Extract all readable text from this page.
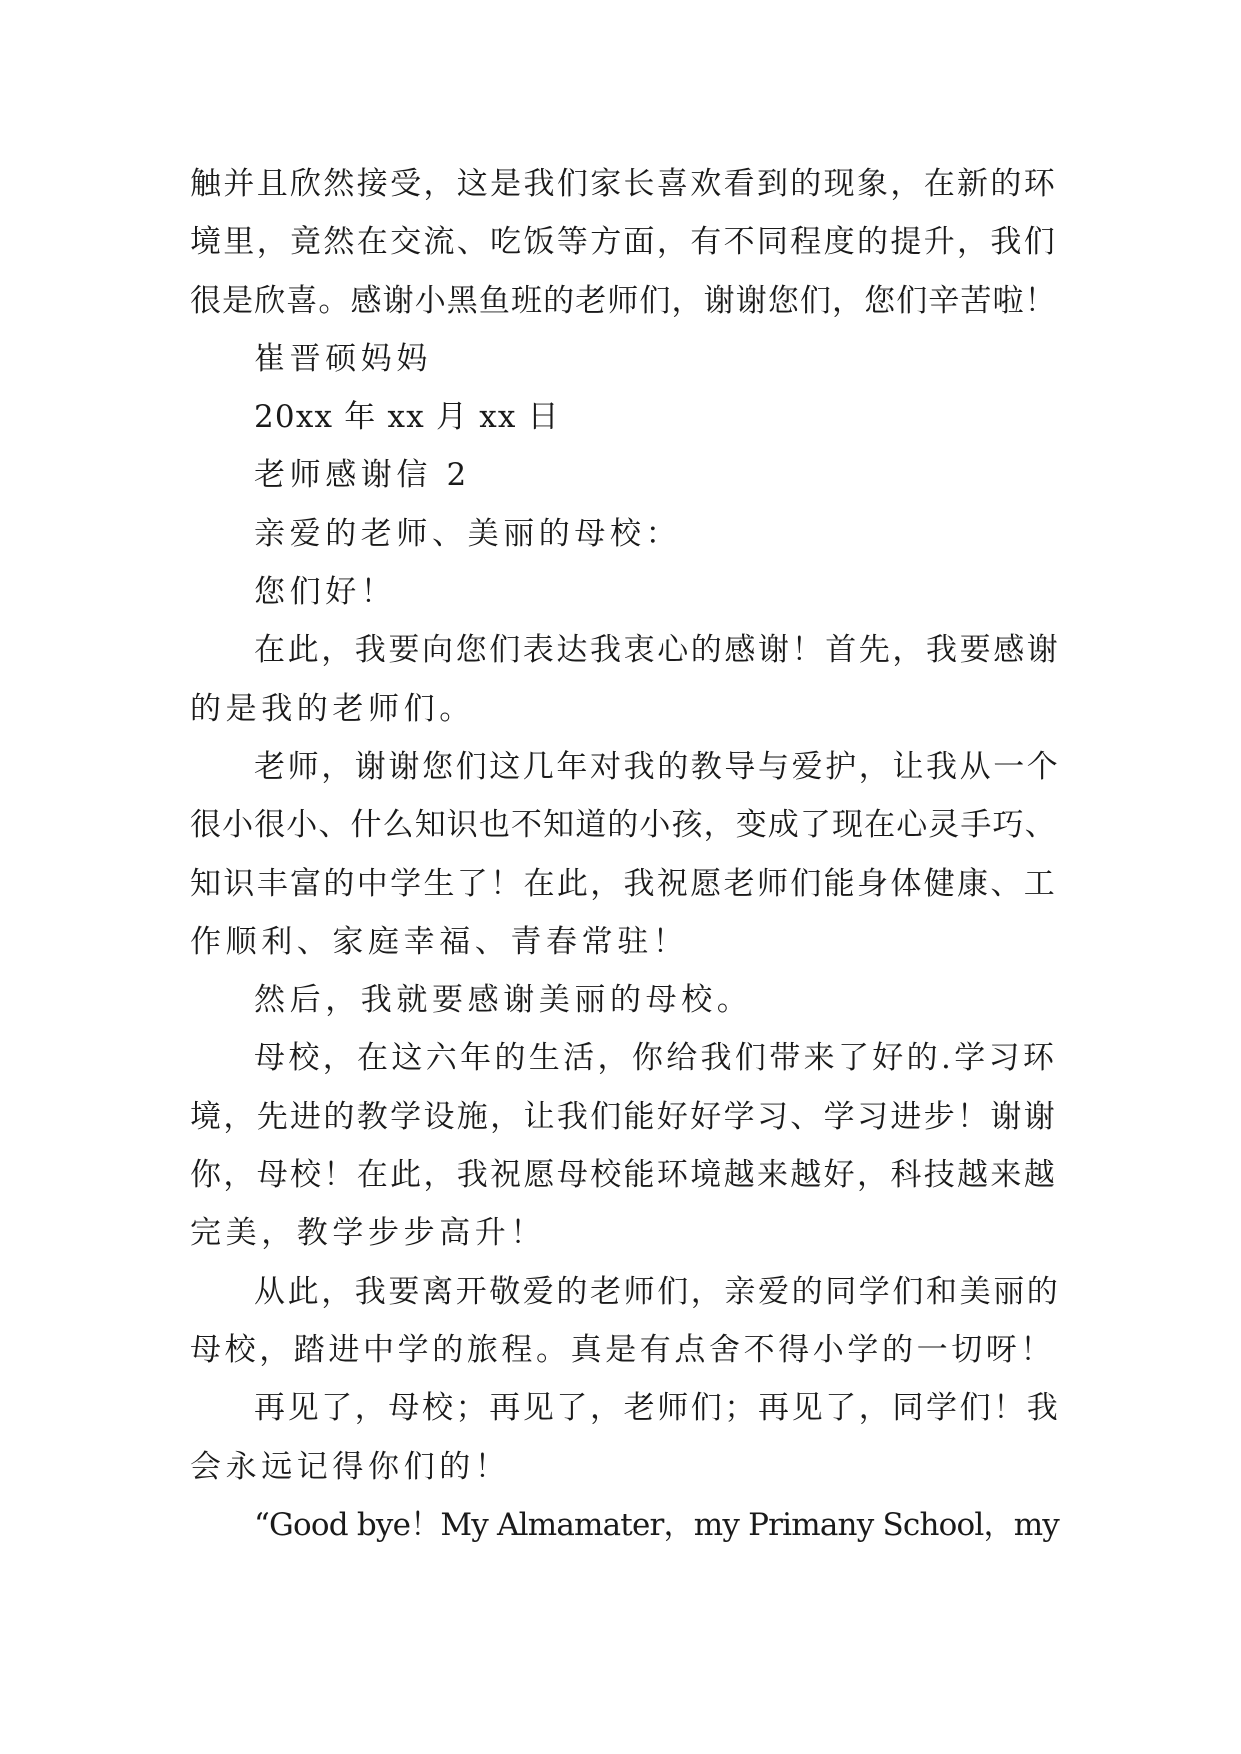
触并且欣然接受，这是我们家长喜欢看到的现象，在新的环
境里，竟然在交流、吃饭等方面，有不同程度的提升，我们
很是欣喜。感谢小黑鱼班的老师们，谢谢您们，您们辛苦啦！
崔晋硕妈妈
20xx 年 xx 月 xx 日
老师感谢信 2
亲爱的老师、美丽的母校：
您们好！
在此，我要向您们表达我衷心的感谢！首先，我要感谢
的是我的老师们。
老师，谢谢您们这几年对我的教导与爱护，让我从一个
很小很小、什么知识也不知道的小孩，变成了现在心灵手巧、
知识丰富的中学生了！在此，我祝愿老师们能身体健康、工
作顺利、家庭幸福、青春常驻！
然后，我就要感谢美丽的母校。
母校，在这六年的生活，你给我们带来了好的.学习环
境，先进的教学设施，让我们能好好学习、学习进步！谢谢
你，母校！在此，我祝愿母校能环境越来越好，科技越来越
完美，教学步步高升！
从此，我要离开敬爱的老师们，亲爱的同学们和美丽的
母校，踏进中学的旅程。真是有点舍不得小学的一切呀！
再见了，母校；再见了，老师们；再见了，同学们！我
会永远记得你们的！
“Good bye！My Almamater，my Primany School，my
